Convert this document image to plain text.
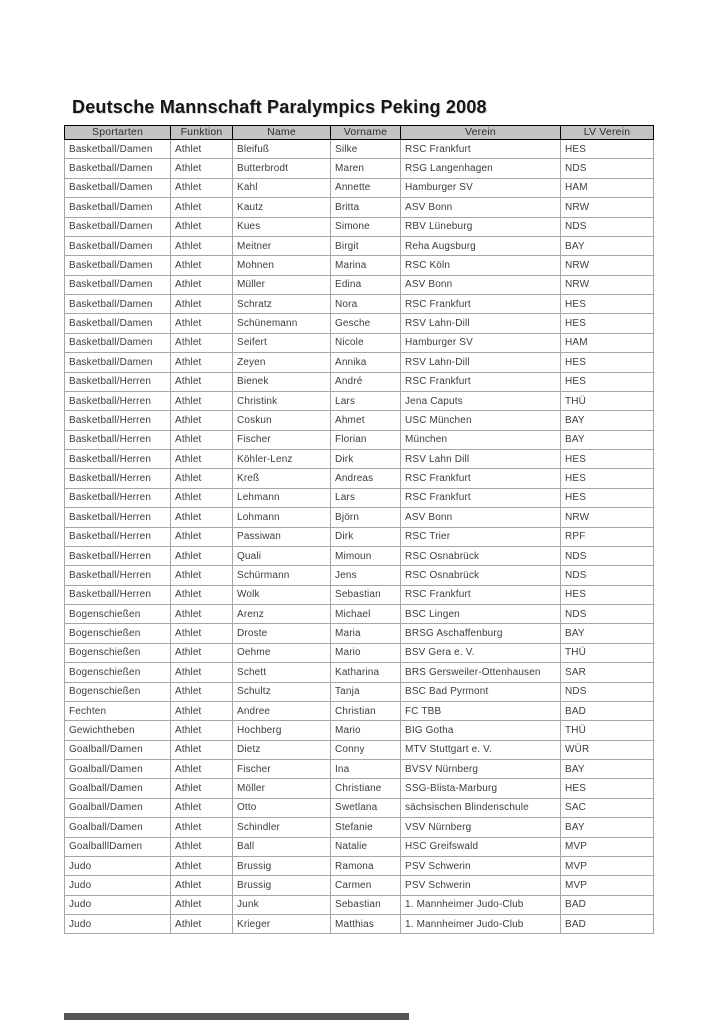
Deutsche Mannschaft Paralympics Peking 2008
Sportarten	Funktion	Name	Vorname	Verein	LV Verein
Basketball/Damen	Athlet	Bleifuß	Silke	RSC Frankfurt	HES
Basketball/Damen	Athlet	Butterbrodt	Maren	RSG Langenhagen	NDS
Basketball/Damen	Athlet	Kahl	Annette	Hamburger SV	HAM
Basketball/Damen	Athlet	Kautz	Britta	ASV Bonn	NRW
Basketball/Damen	Athlet	Kues	Simone	RBV Lüneburg	NDS
Basketball/Damen	Athlet	Meitner	Birgit	Reha Augsburg	BAY
Basketball/Damen	Athlet	Mohnen	Marina	RSC Köln	NRW
Basketball/Damen	Athlet	Müller	Edina	ASV Bonn	NRW
Basketball/Damen	Athlet	Schratz	Nora	RSC Frankfurt	HES
Basketball/Damen	Athlet	Schünemann	Gesche	RSV Lahn-Dill	HES
Basketball/Damen	Athlet	Seifert	Nicole	Hamburger SV	HAM
Basketball/Damen	Athlet	Zeyen	Annika	RSV Lahn-Dill	HES
Basketball/Herren	Athlet	Bienek	André	RSC Frankfurt	HES
Basketball/Herren	Athlet	Christink	Lars	Jena Caputs	THÜ
Basketball/Herren	Athlet	Coskun	Ahmet	USC München	BAY
Basketball/Herren	Athlet	Fischer	Florian	München	BAY
Basketball/Herren	Athlet	Köhler-Lenz	Dirk	RSV Lahn Dill	HES
Basketball/Herren	Athlet	Kreß	Andreas	RSC Frankfurt	HES
Basketball/Herren	Athlet	Lehmann	Lars	RSC Frankfurt	HES
Basketball/Herren	Athlet	Lohmann	Björn	ASV Bonn	NRW
Basketball/Herren	Athlet	Passiwan	Dirk	RSC Trier	RPF
Basketball/Herren	Athlet	Quali	Mimoun	RSC Osnabrück	NDS
Basketball/Herren	Athlet	Schürmann	Jens	RSC Osnabrück	NDS
Basketball/Herren	Athlet	Wolk	Sebastian	RSC Frankfurt	HES
Bogenschießen	Athlet	Arenz	Michael	BSC Lingen	NDS
Bogenschießen	Athlet	Droste	Maria	BRSG Aschaffenburg	BAY
Bogenschießen	Athlet	Oehme	Mario	BSV Gera e. V.	THÜ
Bogenschießen	Athlet	Schett	Katharina	BRS Gersweiler-Ottenhausen	SAR
Bogenschießen	Athlet	Schultz	Tanja	BSC Bad Pyrmont	NDS
Fechten	Athlet	Andree	Christian	FC TBB	BAD
Gewichtheben	Athlet	Hochberg	Mario	BIG Gotha	THÜ
Goalball/Damen	Athlet	Dietz	Conny	MTV Stuttgart e. V.	WÜR
Goalball/Damen	Athlet	Fischer	Ina	BVSV Nürnberg	BAY
Goalball/Damen	Athlet	Möller	Christiane	SSG-Blista-Marburg	HES
Goalball/Damen	Athlet	Otto	Swetlana	sächsischen Blindenschule	SAC
Goalball/Damen	Athlet	Schindler	Stefanie	VSV Nürnberg	BAY
GoalballlDamen	Athlet	Ball	Natalie	HSC Greifswald	MVP
Judo	Athlet	Brussig	Ramona	PSV Schwerin	MVP
Judo	Athlet	Brussig	Carmen	PSV Schwerin	MVP
Judo	Athlet	Junk	Sebastian	1. Mannheimer Judo-Club	BAD
Judo	Athlet	Krieger	Matthias	1. Mannheimer Judo-Club	BAD
